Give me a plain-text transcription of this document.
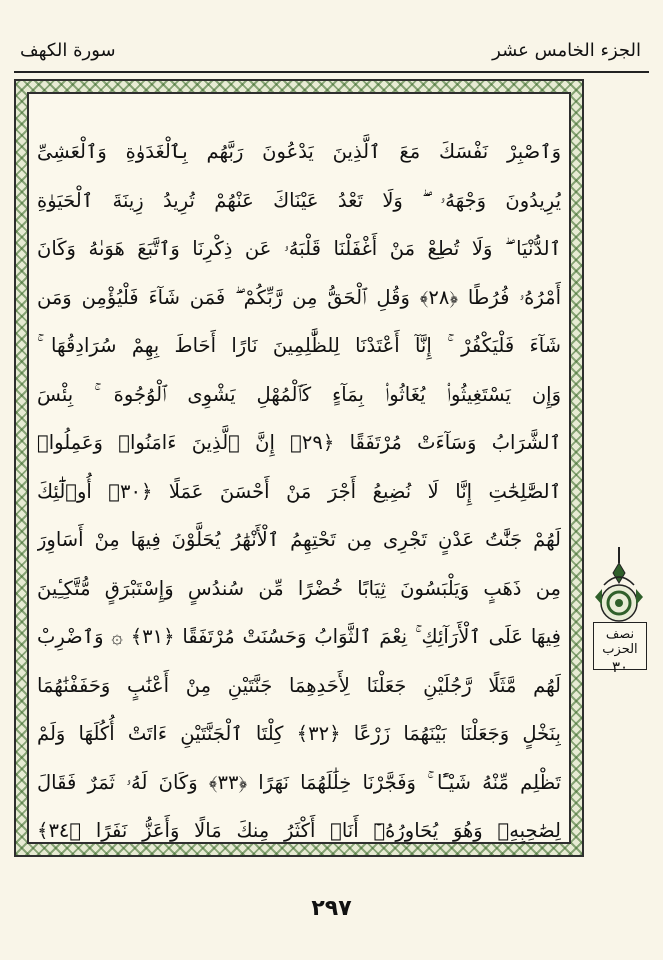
سورة الكهف	الجزء الخامس عشر
وَٱصْبِرْ نَفْسَكَ مَعَ ٱلَّذِينَ يَدْعُونَ رَبَّهُم بِٱلْغَدَوٰةِ وَٱلْعَشِىِّ
يُرِيدُونَ وَجْهَهُۥ ۖ وَلَا تَعْدُ عَيْنَاكَ عَنْهُمْ تُرِيدُ زِينَةَ ٱلْحَيَوٰةِ
ٱلدُّنْيَا ۖ وَلَا تُطِعْ مَنْ أَغْفَلْنَا قَلْبَهُۥ عَن ذِكْرِنَا وَٱتَّبَعَ هَوَىٰهُ وَكَانَ
أَمْرُهُۥ فُرُطًا ﴿٢٨﴾ وَقُلِ ٱلْحَقُّ مِن رَّبِّكُمْ ۖ فَمَن شَآءَ فَلْيُؤْمِن وَمَن
شَآءَ فَلْيَكْفُرْ ۚ إِنَّآ أَعْتَدْنَا لِلظَّٰلِمِينَ نَارًا أَحَاطَ بِهِمْ سُرَادِقُهَا ۚ
وَإِن يَسْتَغِيثُوا۟ يُغَاثُوا۟ بِمَآءٍ كَٱلْمُهْلِ يَشْوِى ٱلْوُجُوهَ ۚ بِئْسَ
ٱلشَّرَابُ وَسَآءَتْ مُرْتَفَقًا ﴿٢٩﴾ إِنَّ ٱلَّذِينَ ءَامَنُوا۟ وَعَمِلُوا۟
ٱلصَّٰلِحَٰتِ إِنَّا لَا نُضِيعُ أَجْرَ مَنْ أَحْسَنَ عَمَلًا ﴿٣٠﴾ أُو۟لَٰٓئِكَ
لَهُمْ جَنَّٰتُ عَدْنٍ تَجْرِى مِن تَحْتِهِمُ ٱلْأَنْهَٰرُ يُحَلَّوْنَ فِيهَا مِنْ أَسَاوِرَ
مِن ذَهَبٍ وَيَلْبَسُونَ ثِيَابًا خُضْرًا مِّن سُندُسٍ وَإِسْتَبْرَقٍ مُّتَّكِـِٔينَ
فِيهَا عَلَى ٱلْأَرَآئِكِ ۚ نِعْمَ ٱلثَّوَابُ وَحَسُنَتْ مُرْتَفَقًا ﴿٣١﴾ ۞ وَٱضْرِبْ
لَهُم مَّثَلًا رَّجُلَيْنِ جَعَلْنَا لِأَحَدِهِمَا جَنَّتَيْنِ مِنْ أَعْنَٰبٍ وَحَفَفْنَٰهُمَا
بِنَخْلٍ وَجَعَلْنَا بَيْنَهُمَا زَرْعًا ﴿٣٢﴾ كِلْتَا ٱلْجَنَّتَيْنِ ءَاتَتْ أُكُلَهَا وَلَمْ
تَظْلِم مِّنْهُ شَيْـًٔا ۚ وَفَجَّرْنَا خِلَٰلَهُمَا نَهَرًا ﴿٣٣﴾ وَكَانَ لَهُۥ ثَمَرٌ فَقَالَ
لِصَٰحِبِهِۦ وَهُوَ يُحَاوِرُهُۥٓ أَنَا۠ أَكْثَرُ مِنكَ مَالًا وَأَعَزُّ نَفَرًا ﴿٣٤﴾
نصف الحزب
٣٠
٢٩٧
